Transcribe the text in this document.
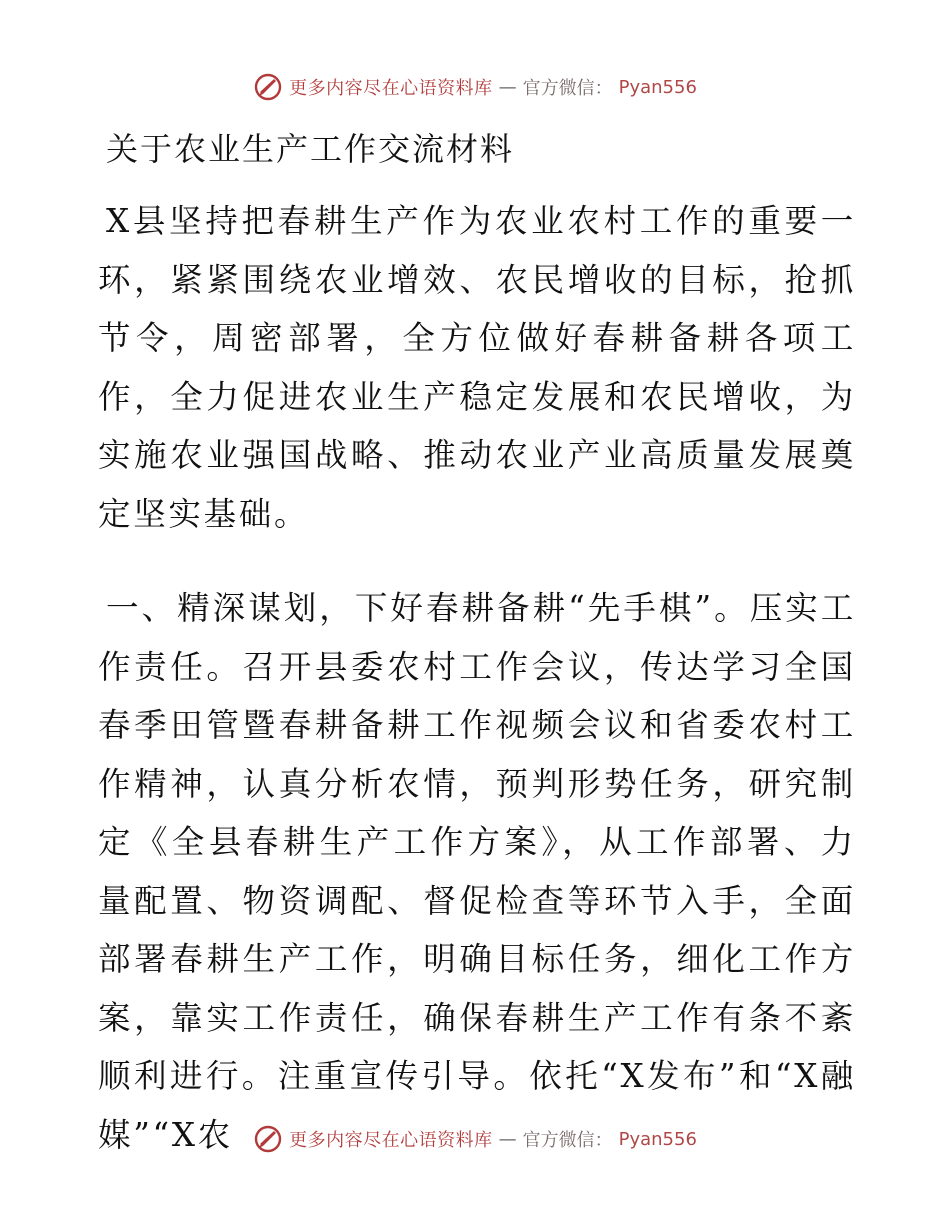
更多内容尽在心语资料库 — 官方微信： Pyan556
关于农业生产工作交流材料

X县坚持把春耕生产作为农业农村工作的重要一环，紧紧围绕农业增效、农民增收的目标，抢抓节令，周密部署，全方位做好春耕备耕各项工作，全力促进农业生产稳定发展和农民增收，为实施农业强国战略、推动农业产业高质量发展奠定坚实基础。

一、精深谋划，下好春耕备耕“先手棋”。压实工作责任。召开县委农村工作会议，传达学习全国春季田管暨春耕备耕工作视频会议和省委农村工作精神，认真分析农情，预判形势任务，研究制定《全县春耕生产工作方案》，从工作部署、力量配置、物资调配、督促检查等环节入手，全面部署春耕生产工作，明确目标任务，细化工作方案，靠实工作责任，确保春耕生产工作有条不紊顺利进行。注重宣传引导。依托“X发布”和“X融媒”“X农	更多内容尽在心语资料库 — 官方微信： Pyan556
